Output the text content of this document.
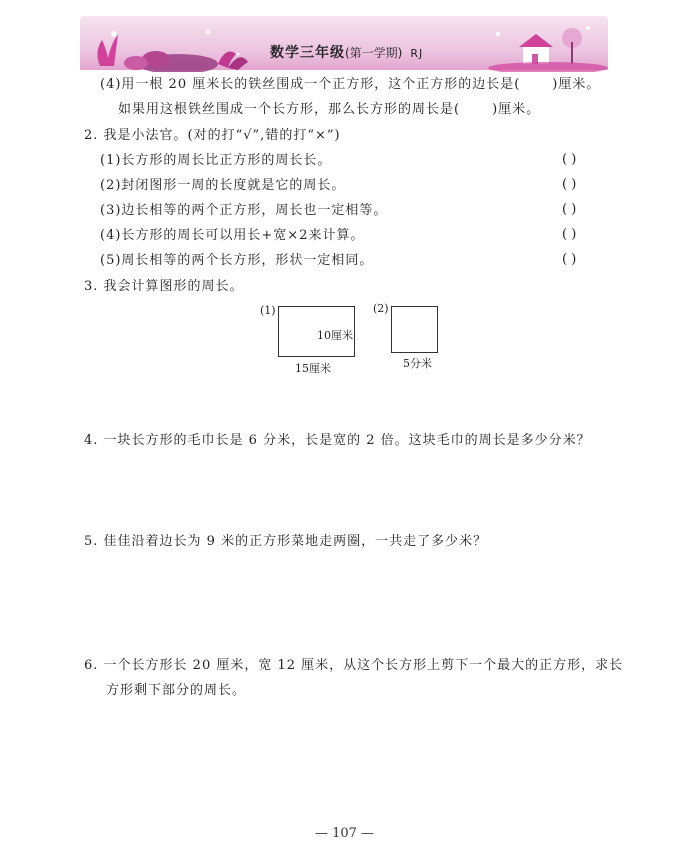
数学三年级(第一学期) RJ
(4)用一根 20 厘米长的铁丝围成一个正方形，这个正方形的边长是( )厘米。
如果用这根铁丝围成一个长方形，那么长方形的周长是( )厘米。
2. 我是小法官。(对的打“√”,错的打“×”)
(1)长方形的周长比正方形的周长长。	( )
(2)封闭图形一周的长度就是它的周长。	( )
(3)边长相等的两个正方形，周长也一定相等。	( )
(4)长方形的周长可以用长+宽×2来计算。	( )
(5)周长相等的两个长方形，形状一定相同。	( )
3. 我会计算图形的周长。
(1)
10厘米
15厘米
(2)
5分米
4. 一块长方形的毛巾长是 6 分米，长是宽的 2 倍。这块毛巾的周长是多少分米？
5. 佳佳沿着边长为 9 米的正方形菜地走两圈，一共走了多少米？
6. 一个长方形长 20 厘米，宽 12 厘米，从这个长方形上剪下一个最大的正方形，求长
方形剩下部分的周长。
— 107 —
